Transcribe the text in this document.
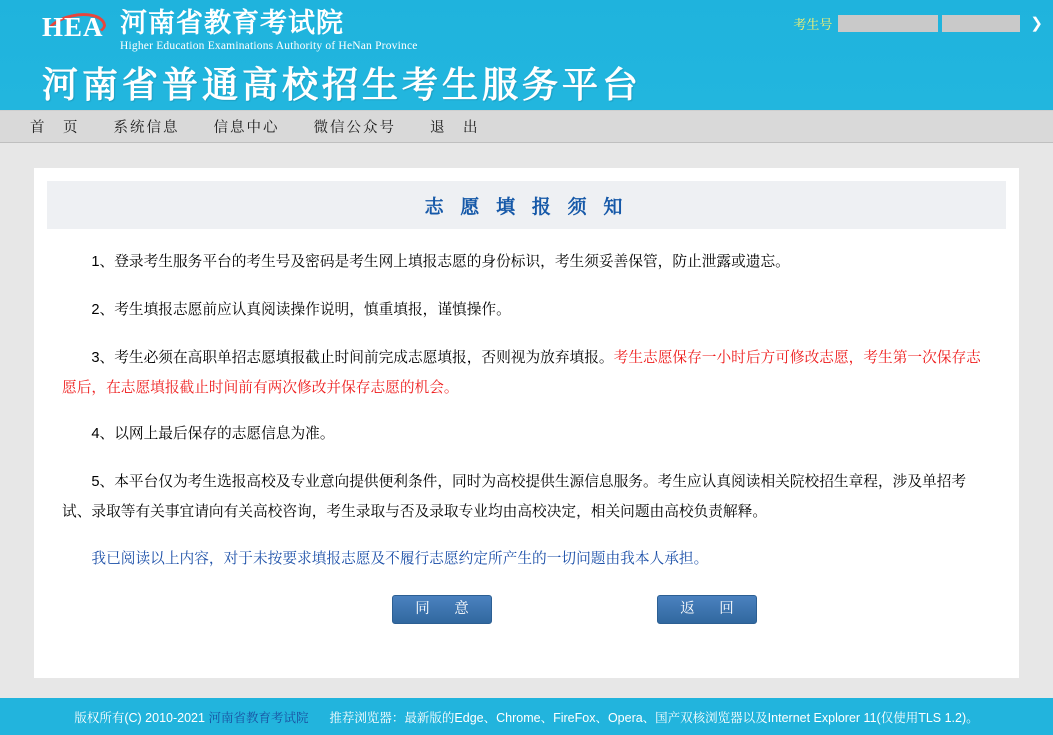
HEA 河南省教育考试院
Higher Education Examinations Authority of HeNan Province
河南省普通高校招生考生服务平台
考生号	❯
首　页 系统信息 信息中心 微信公众号 退　出
志 愿 填 报 须 知

1、登录考生服务平台的考生号及密码是考生网上填报志愿的身份标识，考生须妥善保管，防止泄露或遗忘。

2、考生填报志愿前应认真阅读操作说明，慎重填报，谨慎操作。

3、考生必须在高职单招志愿填报截止时间前完成志愿填报，否则视为放弃填报。考生志愿保存一小时后方可修改志愿，考生第一次保存志愿后，在志愿填报截止时间前有两次修改并保存志愿的机会。

4、以网上最后保存的志愿信息为准。

5、本平台仅为考生选报高校及专业意向提供便利条件，同时为高校提供生源信息服务。考生应认真阅读相关院校招生章程，涉及单招考试、录取等有关事宜请向有关高校咨询，考生录取与否及录取专业均由高校决定，相关问题由高校负责解释。

我已阅读以上内容，对于未按要求填报志愿及不履行志愿约定所产生的一切问题由我本人承担。

同　意	返　回
版权所有(C) 2010-2021 河南省教育考试院 推荐浏览器：最新版的Edge、Chrome、FireFox、Opera、国产双核浏览器以及Internet Explorer 11(仅使用TLS 1.2)。
